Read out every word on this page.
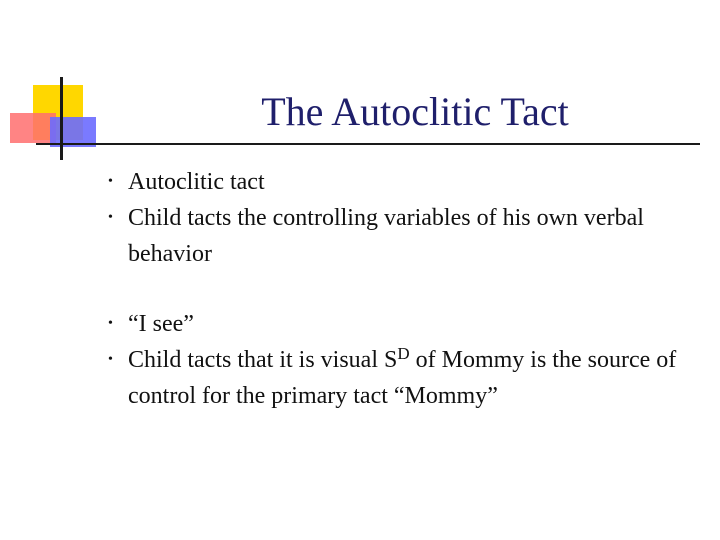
The Autoclitic Tact
• Autoclitic tact
• Child tacts the controlling variables of his own verbal behavior
• “I see”
• Child tacts that it is visual $S^D$ of Mommy is the source of control for the primary tact “Mommy”
